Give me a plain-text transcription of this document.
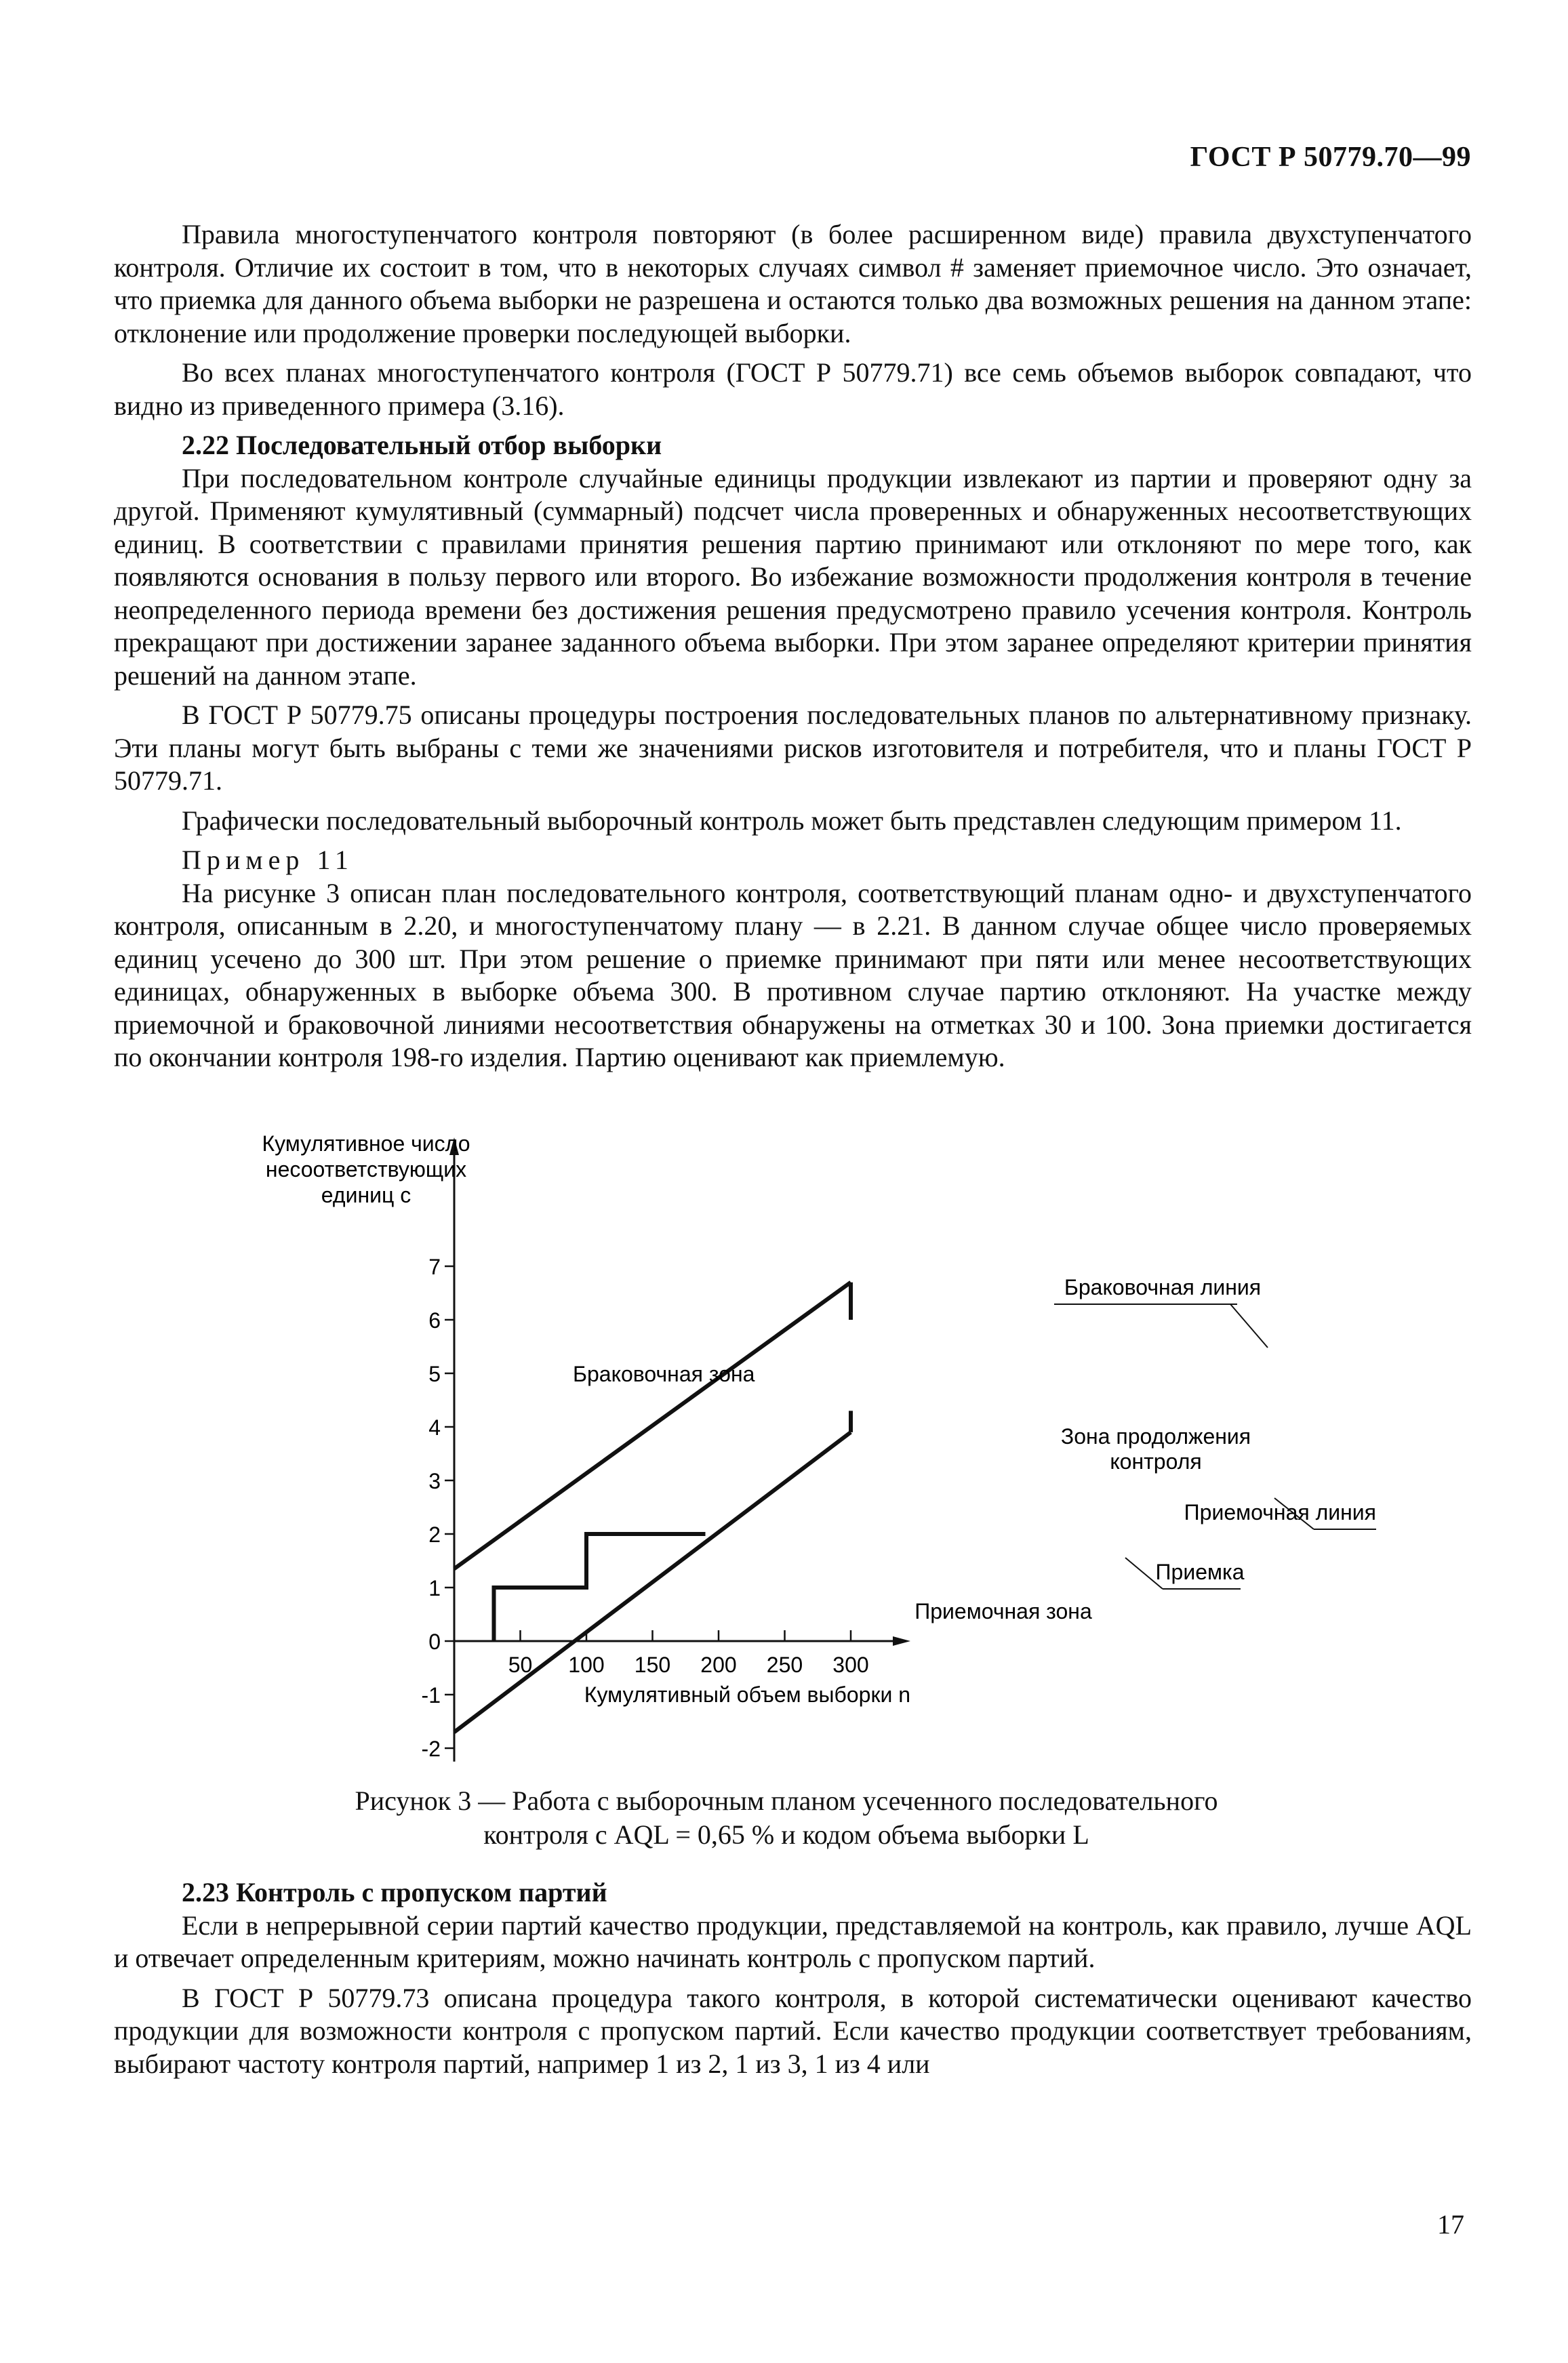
ГОСТ Р 50779.70—99

Правила многоступенчатого контроля повторяют (в более расширенном виде) правила двухступенчатого контроля. Отличие их состоит в том, что в некоторых случаях символ # заменяет приемочное число. Это означает, что приемка для данного объема выборки не разрешена и остаются только два возможных решения на данном этапе: отклонение или продолжение проверки последующей выборки.

Во всех планах многоступенчатого контроля (ГОСТ Р 50779.71) все семь объемов выборок совпадают, что видно из приведенного примера (3.16).

2.22 Последовательный отбор выборки

При последовательном контроле случайные единицы продукции извлекают из партии и проверяют одну за другой. Применяют кумулятивный (суммарный) подсчет числа проверенных и обнаруженных несоответствующих единиц. В соответствии с правилами принятия решения партию принимают или отклоняют по мере того, как появляются основания в пользу первого или второго. Во избежание возможности продолжения контроля в течение неопределенного периода времени без достижения решения предусмотрено правило усечения контроля. Контроль прекращают при достижении заранее заданного объема выборки. При этом заранее определяют критерии принятия решений на данном этапе.

В ГОСТ Р 50779.75 описаны процедуры построения последовательных планов по альтернативному признаку. Эти планы могут быть выбраны с теми же значениями рисков изготовителя и потребителя, что и планы ГОСТ Р 50779.71.

Графически последовательный выборочный контроль может быть представлен следующим примером 11.

Пример 11

На рисунке 3 описан план последовательного контроля, соответствующий планам одно- и двухступенчатого контроля, описанным в 2.20, и многоступенчатому плану — в 2.21. В данном случае общее число проверяемых единиц усечено до 300 шт. При этом решение о приемке принимают при пяти или менее несоответствующих единицах, обнаруженных в выборке объема 300. В противном случае партию отклоняют. На участке между приемочной и браковочной линиями несоответствия обнаружены на отметках 30 и 100. Зона приемки достигается по окончании контроля 198-го изделия. Партию оценивают как приемлемую.

7
6
5
4
3
2
1
0
-1
-2
50 100 150 200 250 300
Кумулятивное число
несоответствующих
единиц c
Кумулятивный объем выборки n
Браковочная линия
Браковочная зона
Зона продолжения
контроля
Приемочная линия
Приемка
Приемочная зона
Рисунок 3 — Работа с выборочным планом усеченного последовательного
контроля с AQL = 0,65 % и кодом объема выборки L

2.23 Контроль с пропуском партий

Если в непрерывной серии партий качество продукции, представляемой на контроль, как правило, лучше AQL и отвечает определенным критериям, можно начинать контроль с пропуском партий.

В ГОСТ Р 50779.73 описана процедура такого контроля, в которой систематически оценивают качество продукции для возможности контроля с пропуском партий. Если качество продукции соответствует требованиям, выбирают частоту контроля партий, например 1 из 2, 1 из 3, 1 из 4 или

17
